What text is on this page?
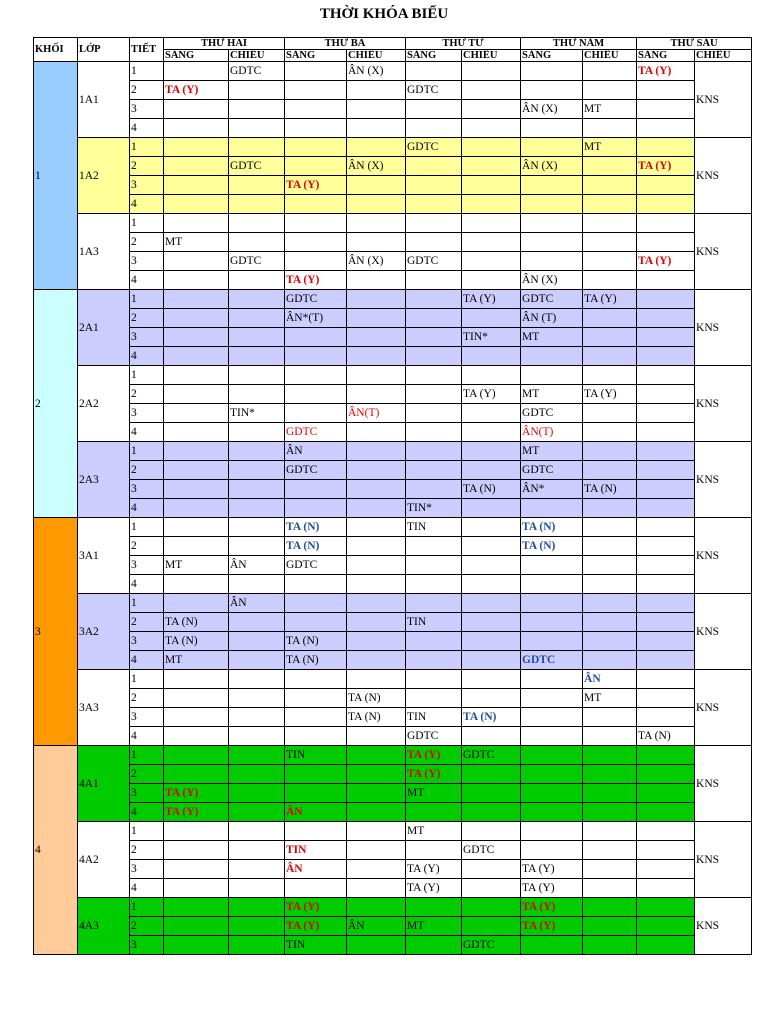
THỜI KHÓA BIỂU
KHỐI	LỚP	TIẾT	THỨ HAI		THỨ BA		THỨ TƯ		THỨ NĂM		THỨ SÁU	
			SÁNG	CHIỀU	SÁNG	CHIỀU	SÁNG	CHIỀU	SÁNG	CHIỀU	SÁNG	CHIỀU
1	1A1	1		GDTC		ÂN (X)					TA (Y)	KNS
		2	TA (Y)				GDTC					
		3							ÂN (X)	MT		
		4										
	1A2	1					GDTC			MT		KNS
		2		GDTC		ÂN (X)			ÂN (X)		TA (Y)	
		3			TA (Y)							
		4										
	1A3	1										KNS
		2	MT									
		3		GDTC		ÂN (X)	GDTC				TA (Y)	
		4			TA (Y)				ÂN (X)			
2	2A1	1			GDTC			TA (Y)	GDTC	TA (Y)		KNS
		2			ÂN*(T)				ÂN (T)			
		3						TIN*	MT			
		4										
	2A2	1										KNS
		2						TA (Y)	MT	TA (Y)		
		3		TIN*		ÂN(T)			GDTC			
		4			GDTC				ÂN(T)			
	2A3	1			ÂN				MT			KNS
		2			GDTC				GDTC			
		3						TA (N)	ÂN*	TA (N)		
		4					TIN*					
3	3A1	1			TA (N)		TIN		TA (N)			KNS
		2			TA (N)				TA (N)			
		3	MT	ÂN	GDTC							
		4										
	3A2	1		ÂN								KNS
		2	TA (N)				TIN					
		3	TA (N)		TA (N)							
		4	MT		TA (N)				GDTC			
	3A3	1								ÂN		KNS
		2				TA (N)				MT		
		3				TA (N)	TIN	TA (N)				
		4					GDTC				TA (N)	
4	4A1	1			TIN		TA (Y)	GDTC				KNS
		2					TA (Y)					
		3	TA (Y)				MT					
		4	TA (Y)		ÂN							
	4A2	1					MT					KNS
		2			TIN			GDTC				
		3			ÂN		TA (Y)		TA (Y)			
		4					TA (Y)		TA (Y)			
	4A3	1			TA (Y)				TA (Y)			KNS
		2			TA (Y)	ÂN	MT		TA (Y)			
		3			TIN			GDTC				
